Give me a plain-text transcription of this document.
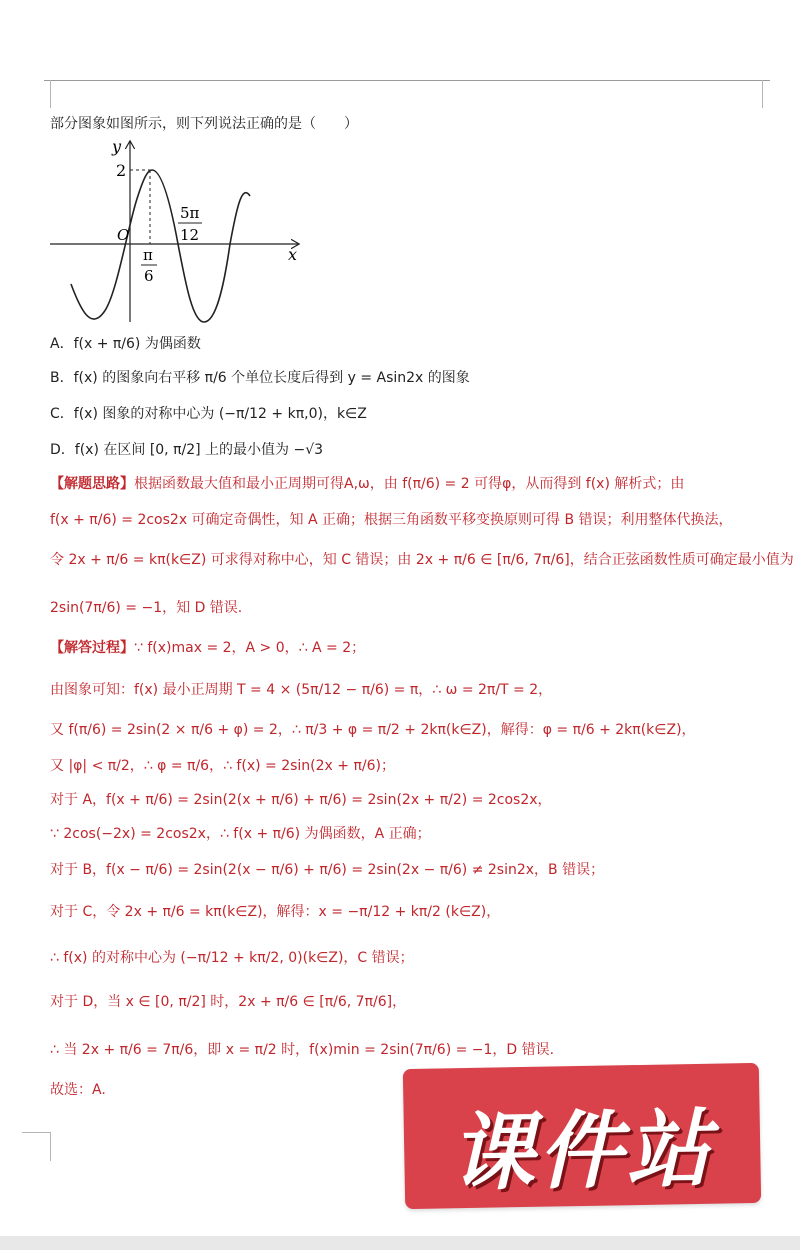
部分图象如图所示，则下列说法正确的是（　　）
y
x
2
O
π
6
5π
12
A．f(x + π/6) 为偶函数
B．f(x) 的图象向右平移 π/6 个单位长度后得到 y = Asin2x 的图象
C．f(x) 图象的对称中心为 (−π/12 + kπ,0)，k∈Z
D．f(x) 在区间 [0, π/2] 上的最小值为 −√3
【解题思路】根据函数最大值和最小正周期可得A,ω，由 f(π/6) = 2 可得φ，从而得到 f(x) 解析式；由
f(x + π/6) = 2cos2x 可确定奇偶性，知 A 正确；根据三角函数平移变换原则可得 B 错误；利用整体代换法，
令 2x + π/6 = kπ(k∈Z) 可求得对称中心，知 C 错误；由 2x + π/6 ∈ [π/6, 7π/6]，结合正弦函数性质可确定最小值为
2sin(7π/6) = −1，知 D 错误.
【解答过程】∵ f(x)max = 2，A > 0，∴ A = 2；
由图象可知：f(x) 最小正周期 T = 4 × (5π/12 − π/6) = π，∴ ω = 2π/T = 2，
又 f(π/6) = 2sin(2 × π/6 + φ) = 2，∴ π/3 + φ = π/2 + 2kπ(k∈Z)，解得：φ = π/6 + 2kπ(k∈Z)，
又 |φ| < π/2，∴ φ = π/6，∴ f(x) = 2sin(2x + π/6)；
对于 A，f(x + π/6) = 2sin(2(x + π/6) + π/6) = 2sin(2x + π/2) = 2cos2x，
∵ 2cos(−2x) = 2cos2x，∴ f(x + π/6) 为偶函数，A 正确；
对于 B，f(x − π/6) = 2sin(2(x − π/6) + π/6) = 2sin(2x − π/6) ≠ 2sin2x，B 错误；
对于 C，令 2x + π/6 = kπ(k∈Z)，解得：x = −π/12 + kπ/2 (k∈Z)，
∴ f(x) 的对称中心为 (−π/12 + kπ/2, 0)(k∈Z)，C 错误；
对于 D，当 x ∈ [0, π/2] 时，2x + π/6 ∈ [π/6, 7π/6]，
∴ 当 2x + π/6 = 7π/6，即 x = π/2 时，f(x)min = 2sin(7π/6) = −1，D 错误.
故选：A.
课件站
